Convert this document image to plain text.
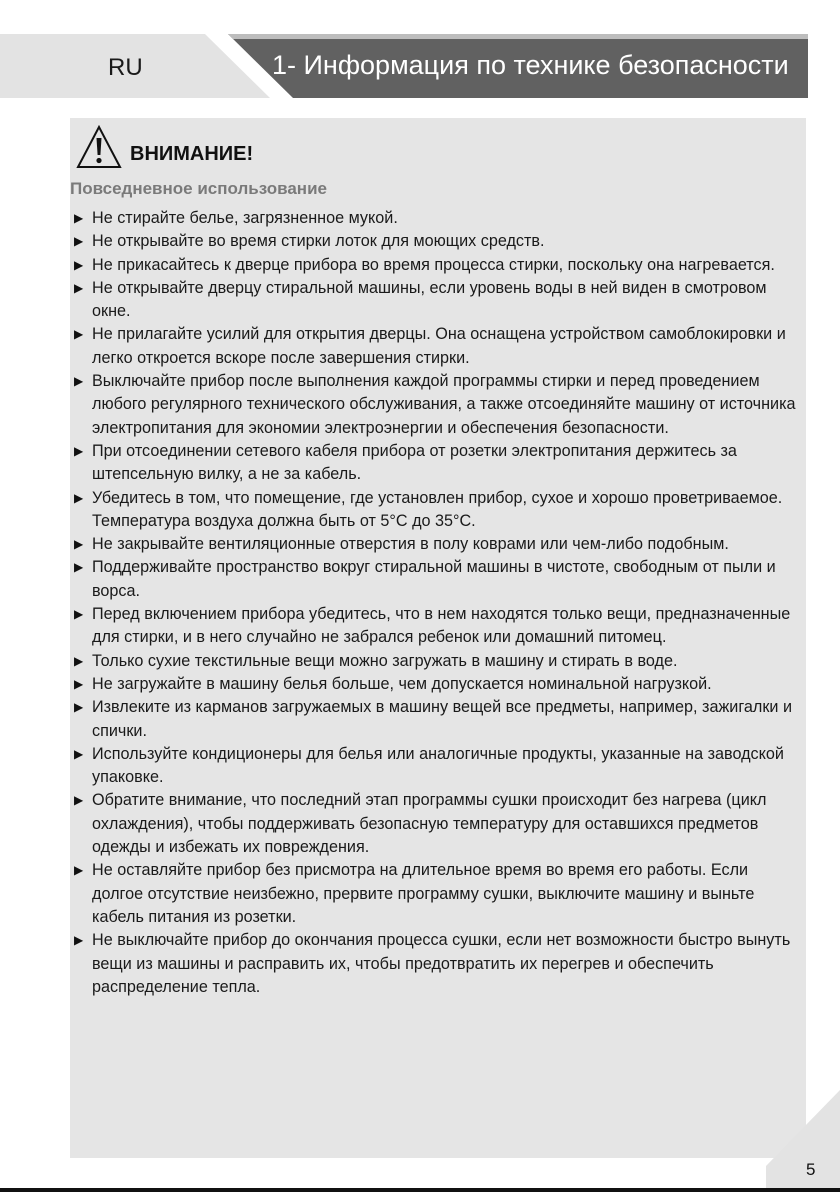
RU	1- Информация по технике безопасности
ВНИМАНИЕ!
Повседневное использование
▶ Не стирайте белье, загрязненное мукой.
▶ Не открывайте во время стирки лоток для моющих средств.
▶ Не прикасайтесь к дверце прибора во время процесса стирки, поскольку она нагревается.
▶ Не открывайте дверцу стиральной машины, если уровень воды в ней виден в смотровом окне.
▶ Не прилагайте усилий для открытия дверцы. Она оснащена устройством самоблокировки и легко откроется вскоре после завершения стирки.
▶ Выключайте прибор после выполнения каждой программы стирки и перед проведением любого регулярного технического обслуживания, а также отсоединяйте машину от источника электропитания для экономии электроэнергии и обеспечения безопасности.
▶ При отсоединении сетевого кабеля прибора от розетки электропитания держитесь за штепсельную вилку, а не за кабель.
▶ Убедитесь в том, что помещение, где установлен прибор, сухое и хорошо проветриваемое. Температура воздуха должна быть от 5°С до 35°С.
▶ Не закрывайте вентиляционные отверстия в полу коврами или чем-либо подобным.
▶ Поддерживайте пространство вокруг стиральной машины в чистоте, свободным от пыли и ворса.
▶ Перед включением прибора убедитесь, что в нем находятся только вещи, предназначенные для стирки, и в него случайно не забрался ребенок или домашний питомец.
▶ Только сухие текстильные вещи можно загружать в машину и стирать в воде.
▶ Не загружайте в машину белья больше, чем допускается номинальной нагрузкой.
▶ Извлеките из карманов загружаемых в машину вещей все предметы, например, зажигалки и спички.
▶ Используйте кондиционеры для белья или аналогичные продукты, указанные на заводской упаковке.
▶ Обратите внимание, что последний этап программы сушки происходит без нагрева (цикл охлаждения), чтобы поддерживать безопасную температуру для оставшихся предметов одежды и избежать их повреждения.
▶ Не оставляйте прибор без присмотра на длительное время во время его работы. Если долгое отсутствие неизбежно, прервите программу сушки, выключите машину и выньте кабель питания из розетки.
▶ Не выключайте прибор до окончания процесса сушки, если нет возможности быстро вынуть вещи из машины и расправить их, чтобы предотвратить их перегрев и обеспечить распределение тепла.
5
